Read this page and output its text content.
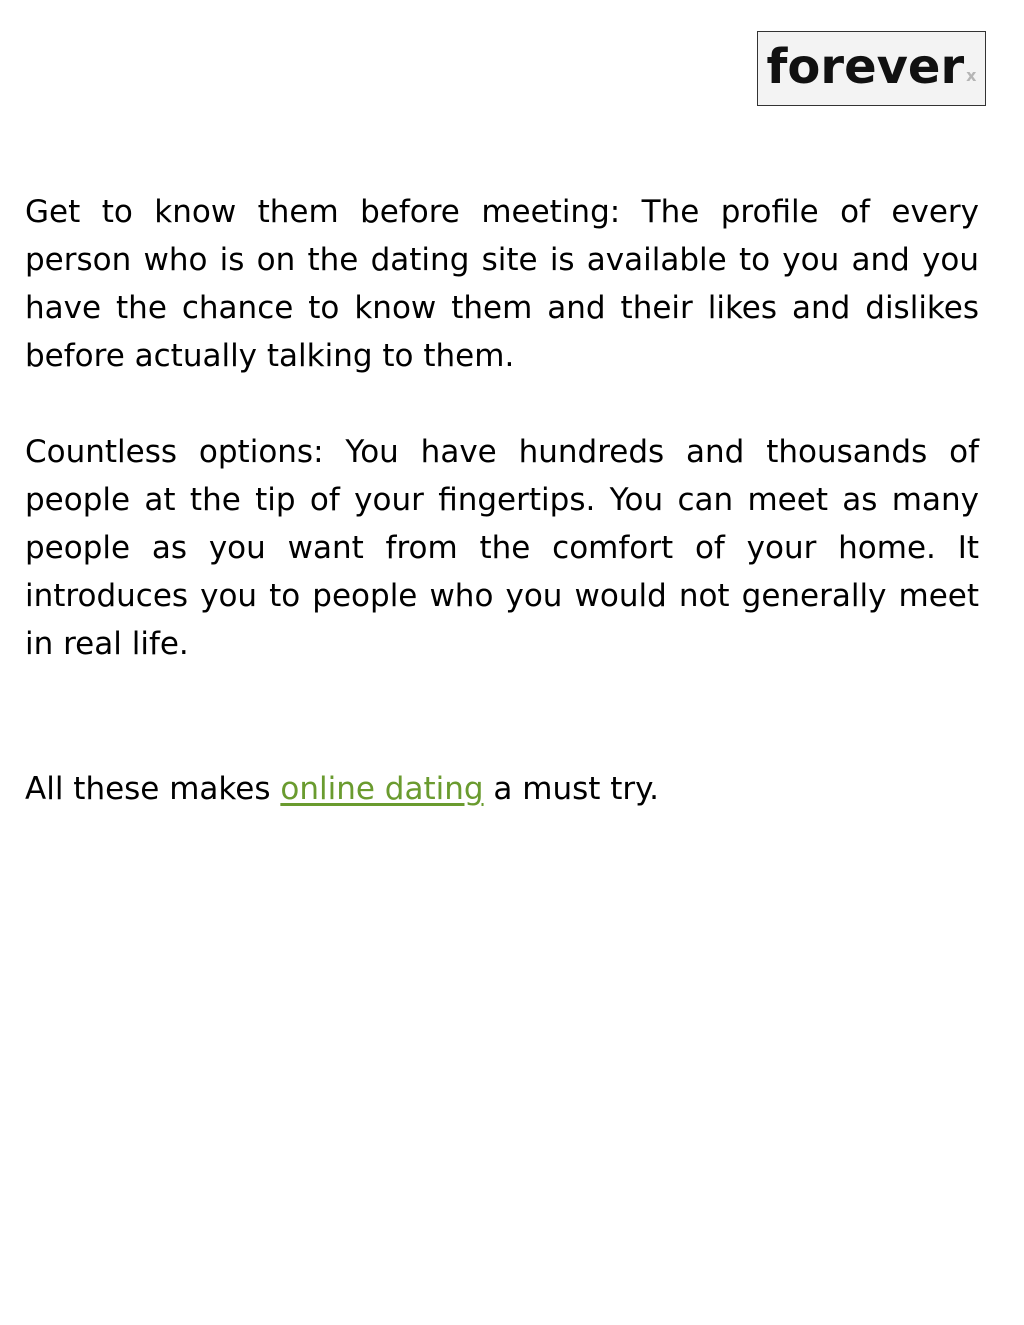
forever x

Get to know them before meeting: The profile of every person who is on the dating site is available to you and you have the chance to know them and their likes and dislikes before actually talking to them.

Countless options: You have hundreds and thousands of people at the tip of your fingertips. You can meet as many people as you want from the comfort of your home. It introduces you to people who you would not generally meet in real life.

All these makes online dating a must try.
